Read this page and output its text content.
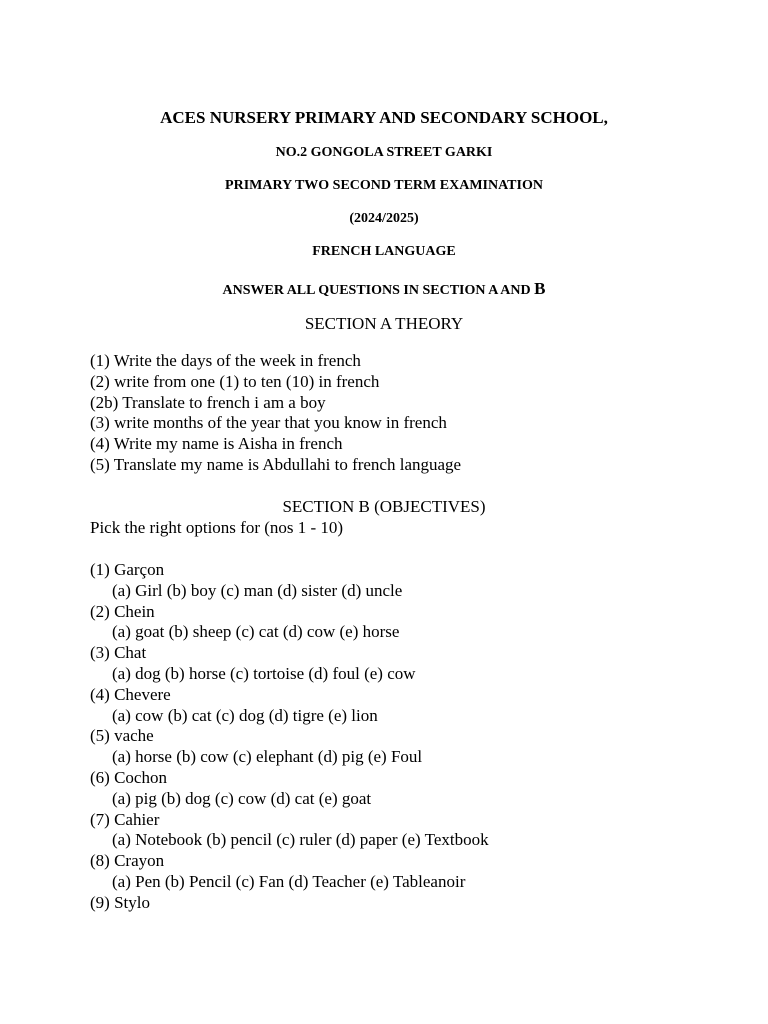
ACES NURSERY PRIMARY AND SECONDARY SCHOOL,
NO.2 GONGOLA STREET GARKI
PRIMARY TWO SECOND TERM EXAMINATION
(2024/2025)
FRENCH LANGUAGE
ANSWER ALL QUESTIONS IN SECTION A AND B
SECTION A THEORY
(1) Write the days of the week in french
(2) write from one (1) to ten (10) in french
(2b) Translate to french i am a boy
(3) write months of the year that you know in french
(4) Write my name is Aisha in french
(5) Translate my name is Abdullahi to french language
SECTION B (OBJECTIVES)
Pick the right options for (nos 1 - 10)
(1) Garçon
(a) Girl (b) boy (c) man (d) sister (d) uncle
(2) Chein
(a) goat (b) sheep (c) cat (d) cow (e) horse
(3) Chat
(a) dog (b) horse (c) tortoise (d) foul (e) cow
(4) Chevere
(a) cow (b) cat (c) dog (d) tigre (e) lion
(5) vache
(a) horse (b) cow (c) elephant (d) pig (e) Foul
(6) Cochon
(a) pig (b) dog (c) cow (d) cat (e) goat
(7) Cahier
(a) Notebook (b) pencil (c) ruler (d) paper (e) Textbook
(8) Crayon
(a) Pen (b) Pencil (c) Fan (d) Teacher (e) Tableanoir
(9) Stylo
